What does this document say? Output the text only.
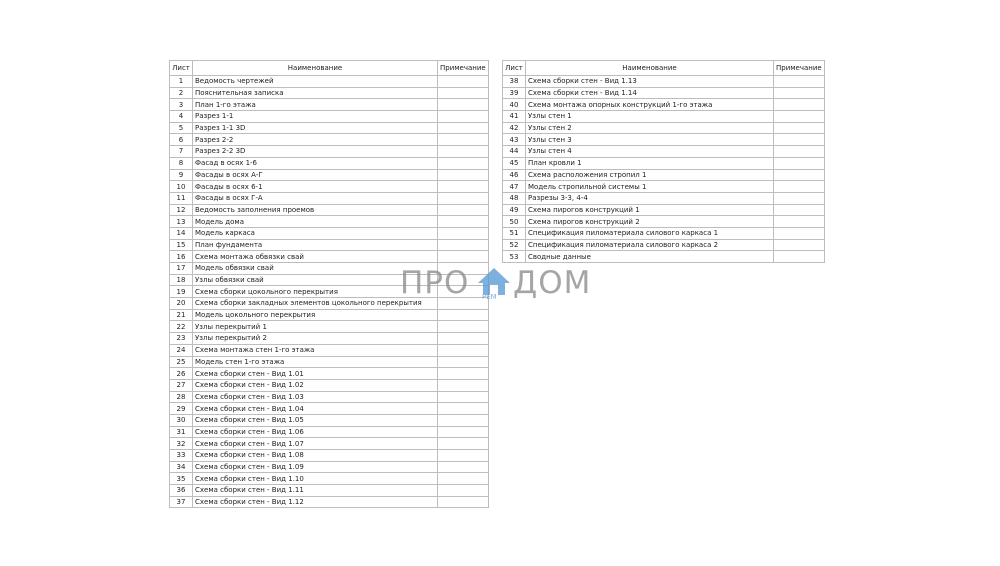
Лист	Наименование	Примечание
1	Ведомость чертежей	
2	Пояснительная записка	
3	План 1-го этажа	
4	Разрез 1-1	
5	Разрез 1-1 3D	
6	Разрез 2-2	
7	Разрез 2-2 3D	
8	Фасад в осях 1-6	
9	Фасады в осях А-Г	
10	Фасады в осях 6-1	
11	Фасады в осях Г-А	
12	Ведомость заполнения проемов	
13	Модель дома	
14	Модель каркаса	
15	План фундамента	
16	Схема монтажа обвязки свай	
17	Модель обвязки свай	
18	Узлы обвязки свай	
19	Схема сборки цокольного перекрытия	
20	Схема сборки закладных элементов цокольного перекрытия	
21	Модель цокольного перекрытия	
22	Узлы перекрытий 1	
23	Узлы перекрытий 2	
24	Схема монтажа стен 1-го этажа	
25	Модель стен 1-го этажа	
26	Схема сборки стен - Вид 1.01	
27	Схема сборки стен - Вид 1.02	
28	Схема сборки стен - Вид 1.03	
29	Схема сборки стен - Вид 1.04	
30	Схема сборки стен - Вид 1.05	
31	Схема сборки стен - Вид 1.06	
32	Схема сборки стен - Вид 1.07	
33	Схема сборки стен - Вид 1.08	
34	Схема сборки стен - Вид 1.09	
35	Схема сборки стен - Вид 1.10	
36	Схема сборки стен - Вид 1.11	
37	Схема сборки стен - Вид 1.12	
Лист	Наименование	Примечание
38	Схема сборки стен - Вид 1.13	
39	Схема сборки стен - Вид 1.14	
40	Схема монтажа опорных конструкций 1-го этажа	
41	Узлы стен 1	
42	Узлы стен 2	
43	Узлы стен 3	
44	Узлы стен 4	
45	План кровли 1	
46	Схема расположения стропил 1	
47	Модель стропильной системы 1	
48	Разрезы 3-3, 4-4	
49	Схема пирогов конструкций 1	
50	Схема пирогов конструкций 2	
51	Спецификация пиломатериала силового каркаса 1	
52	Спецификация пиломатериала силового каркаса 2	
53	Сводные данные	
ПРО РЕМ ДОМ
